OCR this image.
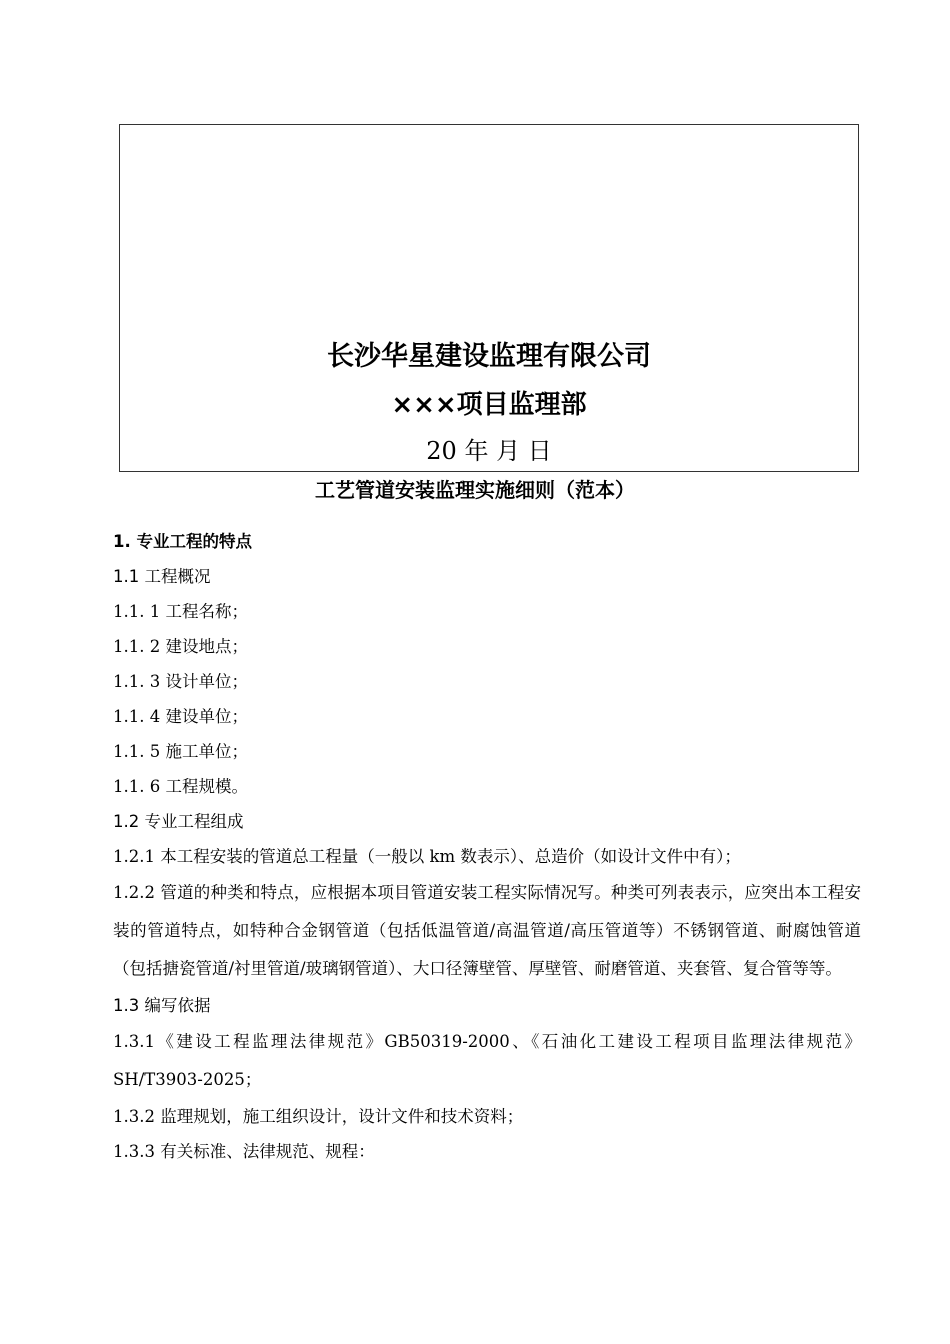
长沙华星建设监理有限公司
×××项目监理部
20 年 月 日
工艺管道安装监理实施细则（范本）
1. 专业工程的特点
1.1 工程概况
1.1. 1 工程名称；
1.1. 2 建设地点；
1.1. 3 设计单位；
1.1. 4 建设单位；
1.1. 5 施工单位；
1.1. 6 工程规模。
1.2 专业工程组成
1.2.1 本工程安装的管道总工程量（一般以 km 数表示）、总造价（如设计文件中有）；
1.2.2 管道的种类和特点，应根据本项目管道安装工程实际情况写。种类可列表表示，应突出本工程安装的管道特点，如特种合金钢管道（包括低温管道/高温管道/高压管道等）不锈钢管道、耐腐蚀管道（包括搪瓷管道/衬里管道/玻璃钢管道）、大口径簿壁管、厚壁管、耐磨管道、夹套管、复合管等等。
1.3 编写依据
1.3.1《建设工程监理法律规范》GB50319-2000、《石油化工建设工程项目监理法律规范》SH/T3903-2025；
1.3.2 监理规划，施工组织设计，设计文件和技术资料；
1.3.3 有关标准、法律规范、规程：
